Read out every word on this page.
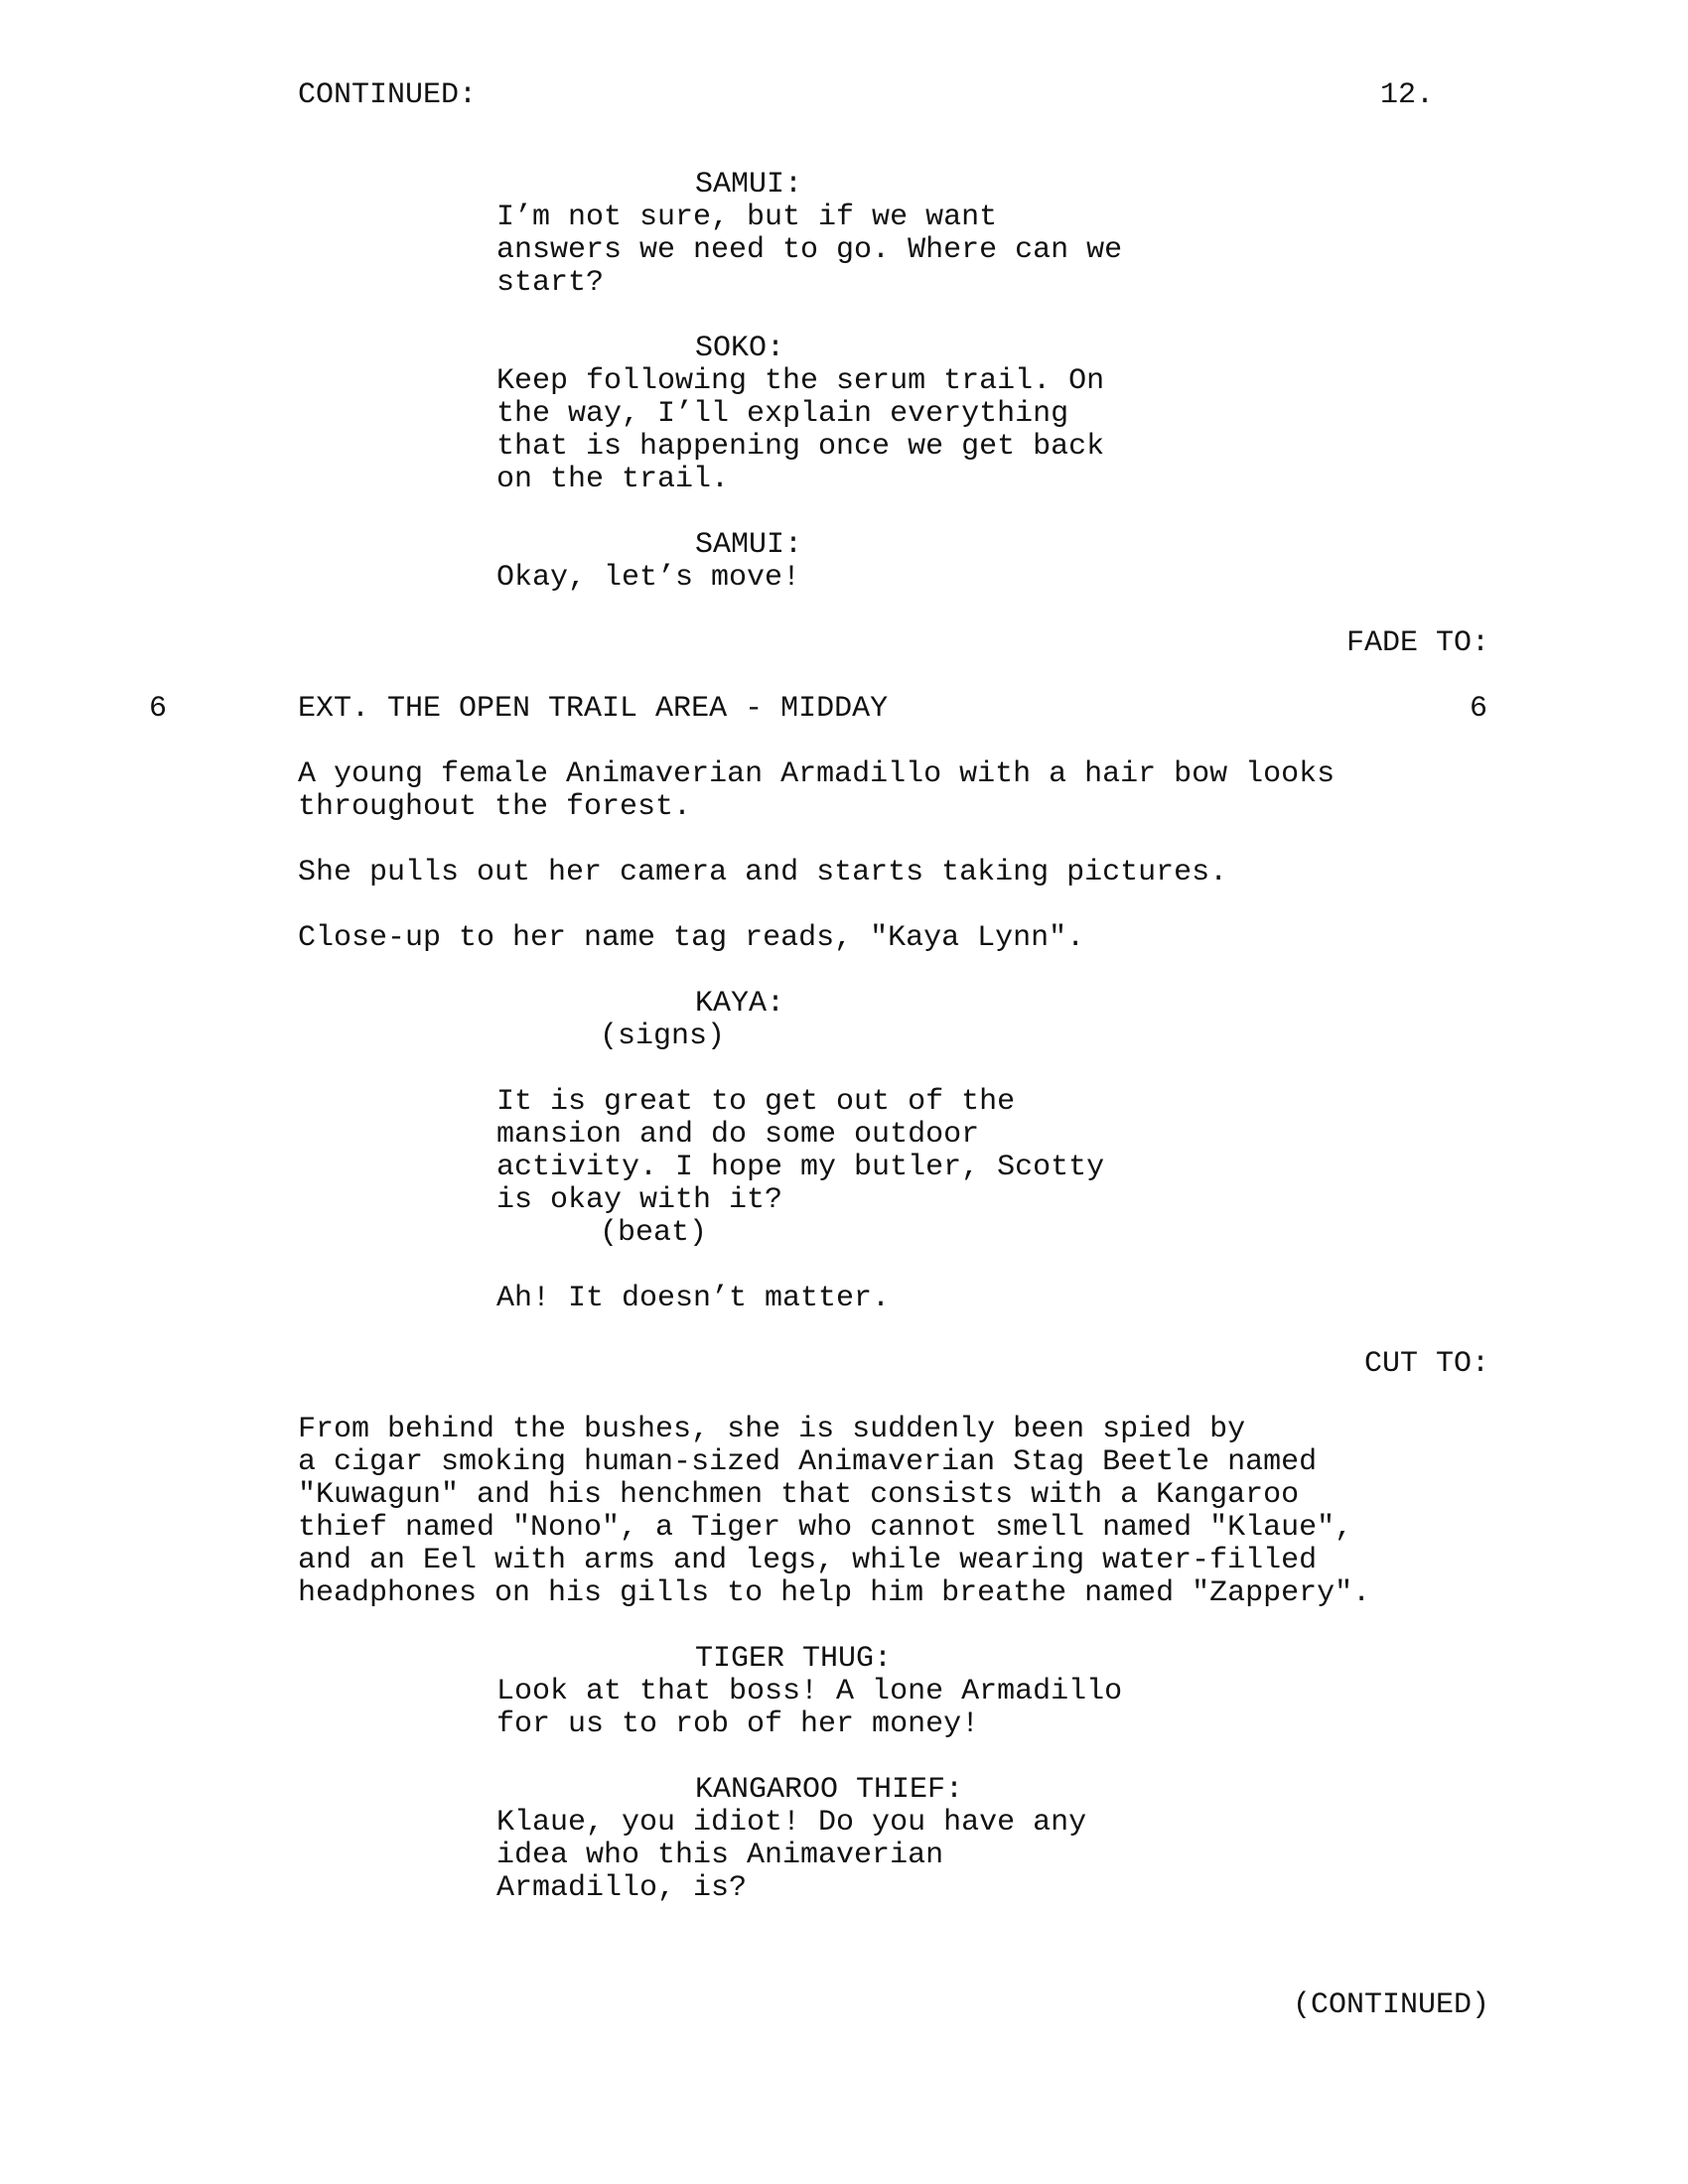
CONTINUED:	12.
SAMUI:
I’m not sure, but if we want
answers we need to go. Where can we
start?
SOKO:
Keep following the serum trail. On
the way, I’ll explain everything
that is happening once we get back
on the trail.
SAMUI:
Okay, let’s move!
FADE TO:
6	EXT. THE OPEN TRAIL AREA - MIDDAY	6
A young female Animaverian Armadillo with a hair bow looks
throughout the forest.
She pulls out her camera and starts taking pictures.
Close-up to her name tag reads, "Kaya Lynn".
KAYA:
(signs)
It is great to get out of the
mansion and do some outdoor
activity. I hope my butler, Scotty
is okay with it?
(beat)
Ah! It doesn’t matter.
CUT TO:
From behind the bushes, she is suddenly been spied by
a cigar smoking human-sized Animaverian Stag Beetle named
"Kuwagun" and his henchmen that consists with a Kangaroo
thief named "Nono", a Tiger who cannot smell named "Klaue",
and an Eel with arms and legs, while wearing water-filled
headphones on his gills to help him breathe named "Zappery".
TIGER THUG:
Look at that boss! A lone Armadillo
for us to rob of her money!
KANGAROO THIEF:
Klaue, you idiot! Do you have any
idea who this Animaverian
Armadillo, is?
(CONTINUED)
